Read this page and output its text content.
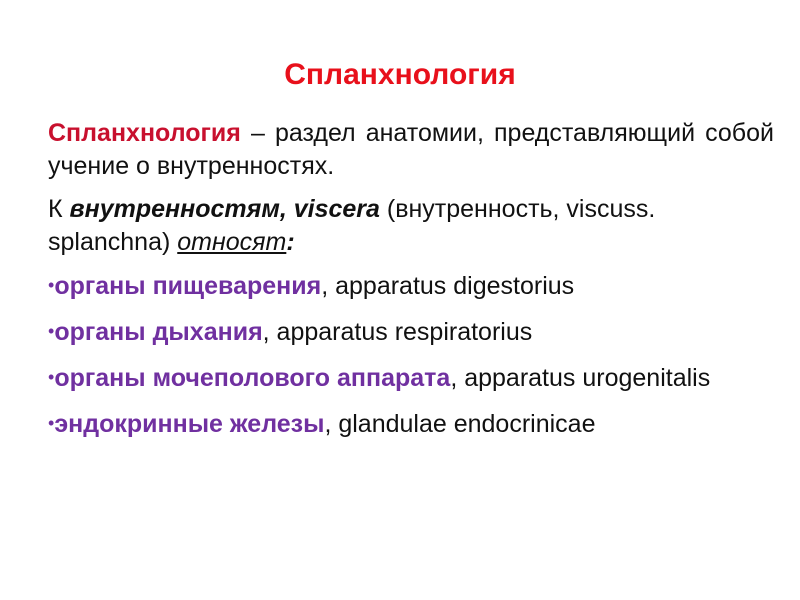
Спланхнология

Спланхнология – раздел анатомии, представляющий собой учение о внутренностях.

К внутренностям, viscera (внутренность, viscuss. splanchna) относят:

•органы пищеварения, apparatus digestorius
•органы дыхания, apparatus respiratorius
•органы мочеполового аппарата, apparatus urogenitalis
•эндокринные железы, glandulae endocrinicae
